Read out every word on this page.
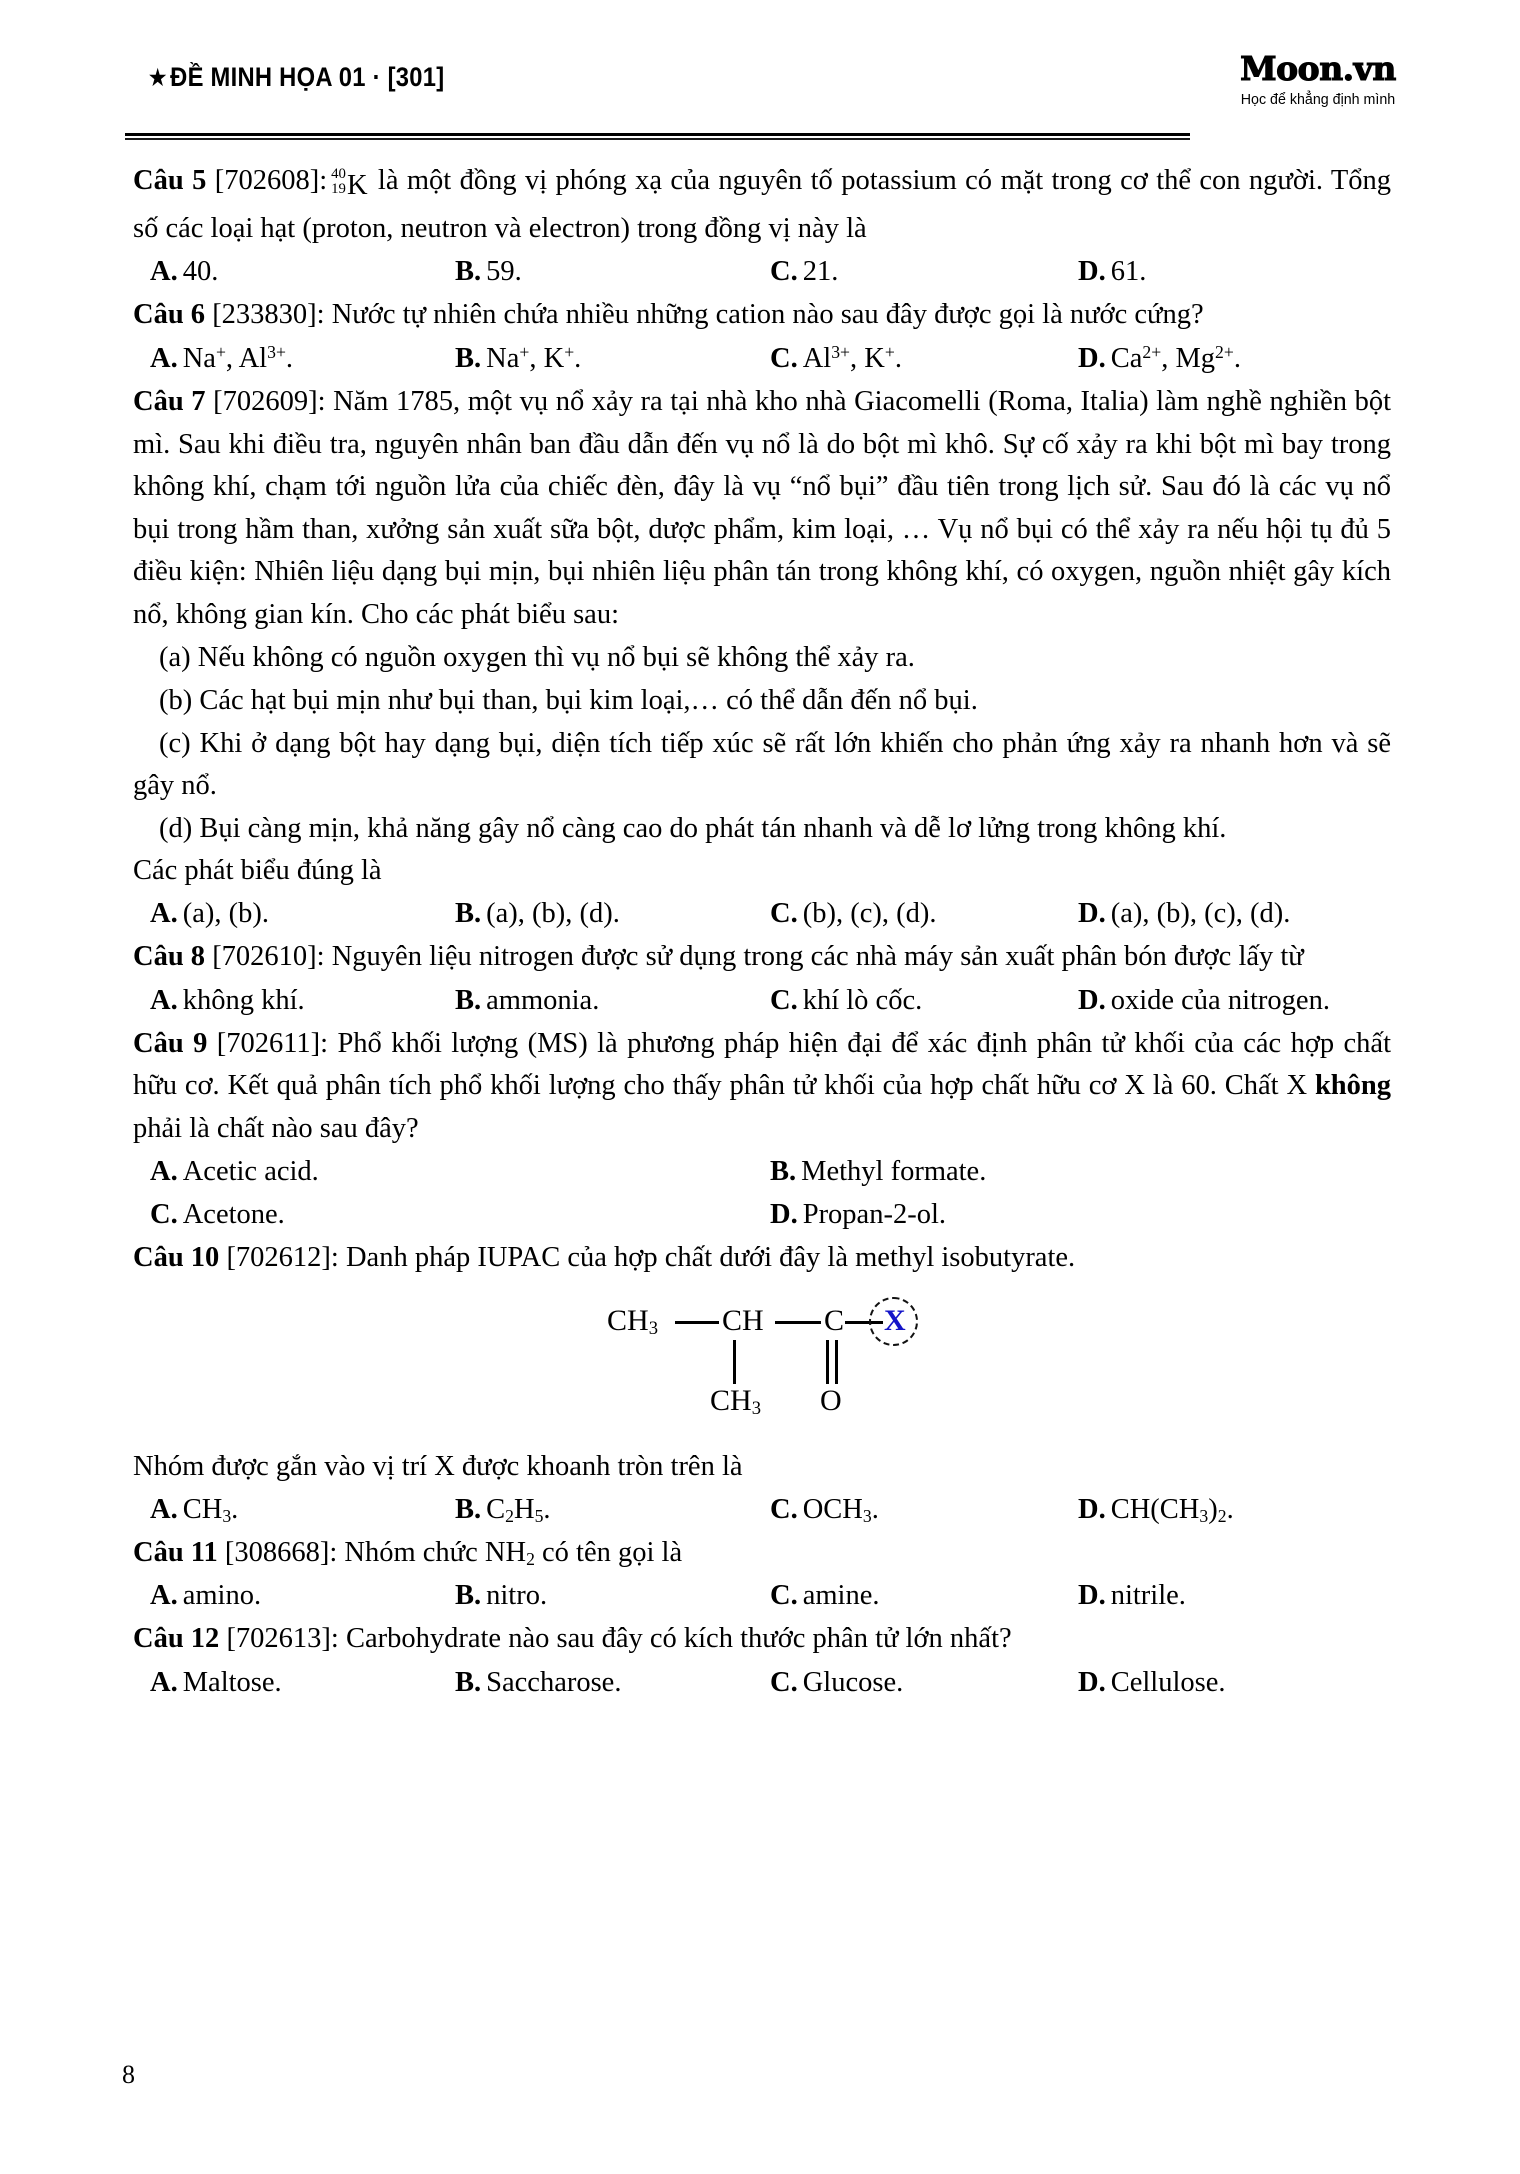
★ ĐỀ MINH HỌA 01 · [301]	Moon.vn
Học để khẳng định mình

Câu 5 [702608]: 40
19K là một đồng vị phóng xạ của nguyên tố potassium có mặt trong cơ thể con người. Tổng số các loại hạt (proton, neutron và electron) trong đồng vị này là

A. 40.	B. 59.	C. 21.	D. 61.

Câu 6 [233830]: Nước tự nhiên chứa nhiều những cation nào sau đây được gọi là nước cứng?

A. Na+, $Al^{3+}$.	B. Na+, K+.	C. $Al^{3+}$, K+.	D. $Ca^{2+}$, $Mg^{2+}$.

Câu 7 [702609]: Năm 1785, một vụ nổ xảy ra tại nhà kho nhà Giacomelli (Roma, Italia) làm nghề nghiền bột mì. Sau khi điều tra, nguyên nhân ban đầu dẫn đến vụ nổ là do bột mì khô. Sự cố xảy ra khi bột mì bay trong không khí, chạm tới nguồn lửa của chiếc đèn, đây là vụ “nổ bụi” đầu tiên trong lịch sử. Sau đó là các vụ nổ bụi trong hầm than, xưởng sản xuất sữa bột, dược phẩm, kim loại, … Vụ nổ bụi có thể xảy ra nếu hội tụ đủ 5 điều kiện: Nhiên liệu dạng bụi mịn, bụi nhiên liệu phân tán trong không khí, có oxygen, nguồn nhiệt gây kích nổ, không gian kín. Cho các phát biểu sau:

(a) Nếu không có nguồn oxygen thì vụ nổ bụi sẽ không thể xảy ra.

(b) Các hạt bụi mịn như bụi than, bụi kim loại,… có thể dẫn đến nổ bụi.

(c) Khi ở dạng bột hay dạng bụi, diện tích tiếp xúc sẽ rất lớn khiến cho phản ứng xảy ra nhanh hơn và sẽ gây nổ.

(d) Bụi càng mịn, khả năng gây nổ càng cao do phát tán nhanh và dễ lơ lửng trong không khí.

Các phát biểu đúng là

A. (a), (b).	B. (a), (b), (d).	C. (b), (c), (d).	D. (a), (b), (c), (d).

Câu 8 [702610]: Nguyên liệu nitrogen được sử dụng trong các nhà máy sản xuất phân bón được lấy từ

A. không khí.	B. ammonia.	C. khí lò cốc.	D. oxide của nitrogen.

Câu 9 [702611]: Phổ khối lượng (MS) là phương pháp hiện đại để xác định phân tử khối của các hợp chất hữu cơ. Kết quả phân tích phổ khối lượng cho thấy phân tử khối của hợp chất hữu cơ X là 60. Chất X không phải là chất nào sau đây?

A. Acetic acid.	B. Methyl formate.
C. Acetone.	D. Propan-2-ol.

Câu 10 [702612]: Danh pháp IUPAC của hợp chất dưới đây là methyl isobutyrate.

$CH_3$ CH C
$CH_3$ O
X

Nhóm được gắn vào vị trí X được khoanh tròn trên là

A. $CH_3$.	B. $C_2H_5$.	C. $OCH_3$.	D. $CH(CH_3)_2$.

Câu 11 [308668]: Nhóm chức $NH_2$ có tên gọi là

A. amino.	B. nitro.	C. amine.	D. nitrile.

Câu 12 [702613]: Carbohydrate nào sau đây có kích thước phân tử lớn nhất?

A. Maltose.	B. Saccharose.	C. Glucose.	D. Cellulose.
8
